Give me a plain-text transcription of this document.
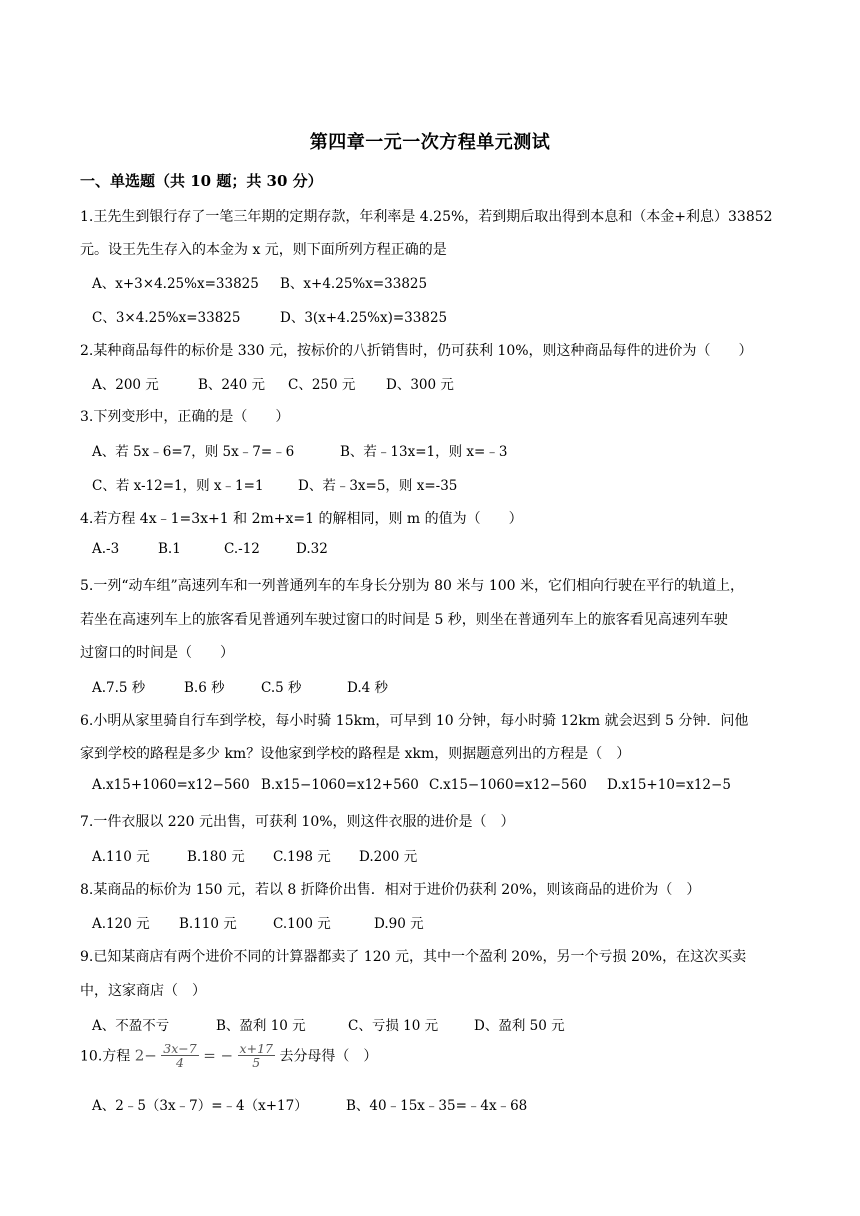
第四章一元一次方程单元测试
一、单选题（共 10 题；共 30 分）
1.王先生到银行存了一笔三年期的定期存款，年利率是 4.25%，若到期后取出得到本息和（本金+利息）33852
元。设王先生存入的本金为 x 元，则下面所列方程正确的是
A、x+3×4.25%x=33825 B、x+4.25%x=33825
C、3×4.25%x=33825	D、3(x+4.25%x)=33825
2.某种商品每件的标价是 330 元，按标价的八折销售时，仍可获利 10%，则这种商品每件的进价为（　　）
A、200 元	B、240 元 C、250 元 D、300 元
3.下列变形中，正确的是（　　）
A、若 5x﹣6=7，则 5x﹣7=﹣6	B、若﹣13x=1，则 x=﹣3
C、若 x-12=1，则 x﹣1=1	D、若﹣3x=5，则 x=-35
4.若方程 4x﹣1=3x+1 和 2m+x=1 的解相同，则 m 的值为（　　）
A.-3	B.1	C.-12	D.32
5.一列“动车组”高速列车和一列普通列车的车身长分别为 80 米与 100 米，它们相向行驶在平行的轨道上，
若坐在高速列车上的旅客看见普通列车驶过窗口的时间是 5 秒，则坐在普通列车上的旅客看见高速列车驶
过窗口的时间是（　　）
A.7.5 秒	B.6 秒	C.5 秒	D.4 秒
6.小明从家里骑自行车到学校，每小时骑 15km，可早到 10 分钟，每小时骑 12km 就会迟到 5 分钟．问他
家到学校的路程是多少 km？设他家到学校的路程是 xkm，则据题意列出的方程是（　）
A.x15+1060=x12−560 B.x15−1060=x12+560 C.x15−1060=x12−560 D.x15+10=x12−5
7.一件衣服以 220 元出售，可获利 10%，则这件衣服的进价是（　）
A.110 元	B.180 元 C.198 元 D.200 元
8.某商品的标价为 150 元，若以 8 折降价出售．相对于进价仍获利 20%，则该商品的进价为（　）
A.120 元 B.110 元	C.100 元	D.90 元
9.已知某商店有两个进价不同的计算器都卖了 120 元，其中一个盈利 20%，另一个亏损 20%，在这次买卖
中，这家商店（　）
A、不盈不亏	B、盈利 10 元	C、亏损 10 元	D、盈利 50 元
10.方程 $2- \frac{3x-7}{4}$ = − $\frac{x+17}{5}$ 去分母得（　）
A、2﹣5（3x﹣7）=﹣4（x+17）	B、40﹣15x﹣35=﹣4x﹣68
